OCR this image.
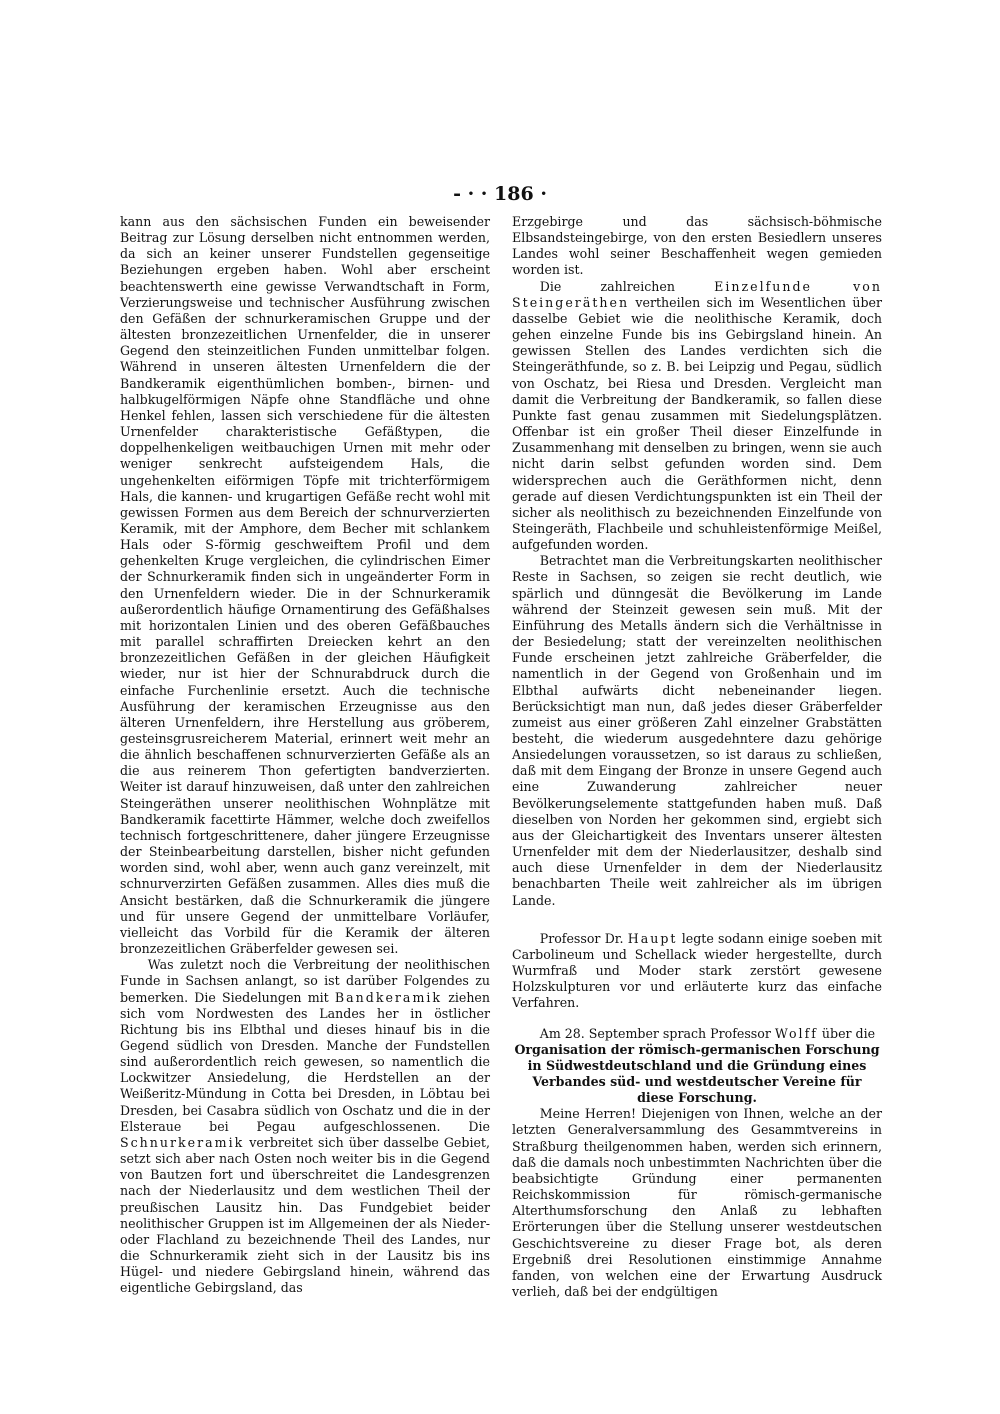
- · · 186 ·

kann aus den sächsischen Funden ein beweisender Beitrag zur Lösung derselben nicht entnommen werden, da sich an keiner unserer Fundstellen gegenseitige Beziehungen ergeben haben. Wohl aber erscheint beachtenswerth eine gewisse Verwandtschaft in Form, Verzierungsweise und technischer Ausführung zwischen den Gefäßen der schnurkeramischen Gruppe und der ältesten bronzezeitlichen Urnenfelder, die in unserer Gegend den steinzeitlichen Funden unmittelbar folgen. Während in unseren ältesten Urnenfeldern die der Bandkeramik eigenthümlichen bomben-, birnen- und halbkugelförmigen Näpfe ohne Standfläche und ohne Henkel fehlen, lassen sich verschiedene für die ältesten Urnenfelder charakteristische Gefäßtypen, die doppelhenkeligen weitbauchigen Urnen mit mehr oder weniger senkrecht aufsteigendem Hals, die ungehenkelten eiförmigen Töpfe mit trichterförmigem Hals, die kannen- und krugartigen Gefäße recht wohl mit gewissen Formen aus dem Bereich der schnurverzierten Keramik, mit der Amphore, dem Becher mit schlankem Hals oder S-förmig geschweiftem Profil und dem gehenkelten Kruge vergleichen, die cylindrischen Eimer der Schnurkeramik finden sich in ungeänderter Form in den Urnenfeldern wieder. Die in der Schnurkeramik außerordentlich häufige Ornamentirung des Gefäßhalses mit horizontalen Linien und des oberen Gefäßbauches mit parallel schraffirten Dreiecken kehrt an den bronzezeitlichen Gefäßen in der gleichen Häufigkeit wieder, nur ist hier der Schnurabdruck durch die einfache Furchenlinie ersetzt. Auch die technische Ausführung der keramischen Erzeugnisse aus den älteren Urnenfeldern, ihre Herstellung aus gröberem, gesteinsgrusreicherem Material, erinnert weit mehr an die ähnlich beschaffenen schnurverzierten Gefäße als an die aus reinerem Thon gefertigten bandverzierten. Weiter ist darauf hinzuweisen, daß unter den zahlreichen Steingeräthen unserer neolithischen Wohnplätze mit Bandkeramik facettirte Hämmer, welche doch zweifellos technisch fortgeschrittenere, daher jüngere Erzeugnisse der Steinbearbeitung darstellen, bisher nicht gefunden worden sind, wohl aber, wenn auch ganz vereinzelt, mit schnurverzirten Gefäßen zusammen. Alles dies muß die Ansicht bestärken, daß die Schnurkeramik die jüngere und für unsere Gegend der unmittelbare Vorläufer, vielleicht das Vorbild für die Keramik der älteren bronzezeitlichen Gräberfelder gewesen sei.

Was zuletzt noch die Verbreitung der neolithischen Funde in Sachsen anlangt, so ist darüber Folgendes zu bemerken. Die Siedelungen mit Bandkeramik ziehen sich vom Nordwesten des Landes her in östlicher Richtung bis ins Elbthal und dieses hinauf bis in die Gegend südlich von Dresden. Manche der Fundstellen sind außerordentlich reich gewesen, so namentlich die Lockwitzer Ansiedelung, die Herdstellen an der Weißeritz-Mündung in Cotta bei Dresden, in Löbtau bei Dresden, bei Casabra südlich von Oschatz und die in der Elsteraue bei Pegau aufgeschlossenen. Die Schnurkeramik verbreitet sich über dasselbe Gebiet, setzt sich aber nach Osten noch weiter bis in die Gegend von Bautzen fort und überschreitet die Landesgrenzen nach der Niederlausitz und dem westlichen Theil der preußischen Lausitz hin. Das Fundgebiet beider neolithischer Gruppen ist im Allgemeinen der als Nieder- oder Flachland zu bezeichnende Theil des Landes, nur die Schnurkeramik zieht sich in der Lausitz bis ins Hügel- und niedere Gebirgsland hinein, während das eigentliche Gebirgsland, das

Erzgebirge und das sächsisch-böhmische Elbsandsteingebirge, von den ersten Besiedlern unseres Landes wohl seiner Beschaffenheit wegen gemieden worden ist.

Die zahlreichen Einzelfunde von Steingeräthen vertheilen sich im Wesentlichen über dasselbe Gebiet wie die neolithische Keramik, doch gehen einzelne Funde bis ins Gebirgsland hinein. An gewissen Stellen des Landes verdichten sich die Steingeräthfunde, so z. B. bei Leipzig und Pegau, südlich von Oschatz, bei Riesa und Dresden. Vergleicht man damit die Verbreitung der Bandkeramik, so fallen diese Punkte fast genau zusammen mit Siedelungsplätzen. Offenbar ist ein großer Theil dieser Einzelfunde in Zusammenhang mit denselben zu bringen, wenn sie auch nicht darin selbst gefunden worden sind. Dem widersprechen auch die Geräthformen nicht, denn gerade auf diesen Verdichtungspunkten ist ein Theil der sicher als neolithisch zu bezeichnenden Einzelfunde von Steingeräth, Flachbeile und schuhleistenförmige Meißel, aufgefunden worden.

Betrachtet man die Verbreitungskarten neolithischer Reste in Sachsen, so zeigen sie recht deutlich, wie spärlich und dünngesät die Bevölkerung im Lande während der Steinzeit gewesen sein muß. Mit der Einführung des Metalls ändern sich die Verhältnisse in der Besiedelung; statt der vereinzelten neolithischen Funde erscheinen jetzt zahlreiche Gräberfelder, die namentlich in der Gegend von Großenhain und im Elbthal aufwärts dicht nebeneinander liegen. Berücksichtigt man nun, daß jedes dieser Gräberfelder zumeist aus einer größeren Zahl einzelner Grabstätten besteht, die wiederum ausgedehntere dazu gehörige Ansiedelungen voraussetzen, so ist daraus zu schließen, daß mit dem Eingang der Bronze in unsere Gegend auch eine Zuwanderung zahlreicher neuer Bevölkerungselemente stattgefunden haben muß. Daß dieselben von Norden her gekommen sind, ergiebt sich aus der Gleichartigkeit des Inventars unserer ältesten Urnenfelder mit dem der Niederlausitzer, deshalb sind auch diese Urnenfelder in dem der Niederlausitz benachbarten Theile weit zahlreicher als im übrigen Lande.

Professor Dr. Haupt legte sodann einige soeben mit Carbolineum und Schellack wieder hergestellte, durch Wurmfraß und Moder stark zerstört gewesene Holzskulpturen vor und erläuterte kurz das einfache Verfahren.

Am 28. September sprach Professor Wolff über die

Organisation der römisch-germanischen Forschung in Südwestdeutschland und die Gründung eines Verbandes süd- und westdeutscher Vereine für diese Forschung.

Meine Herren! Diejenigen von Ihnen, welche an der letzten Generalversammlung des Gesammtvereins in Straßburg theilgenommen haben, werden sich erinnern, daß die damals noch unbestimmten Nachrichten über die beabsichtigte Gründung einer permanenten Reichskommission für römisch-germanische Alterthumsforschung den Anlaß zu lebhaften Erörterungen über die Stellung unserer westdeutschen Geschichtsvereine zu dieser Frage bot, als deren Ergebniß drei Resolutionen einstimmige Annahme fanden, von welchen eine der Erwartung Ausdruck verlieh, daß bei der endgültigen
